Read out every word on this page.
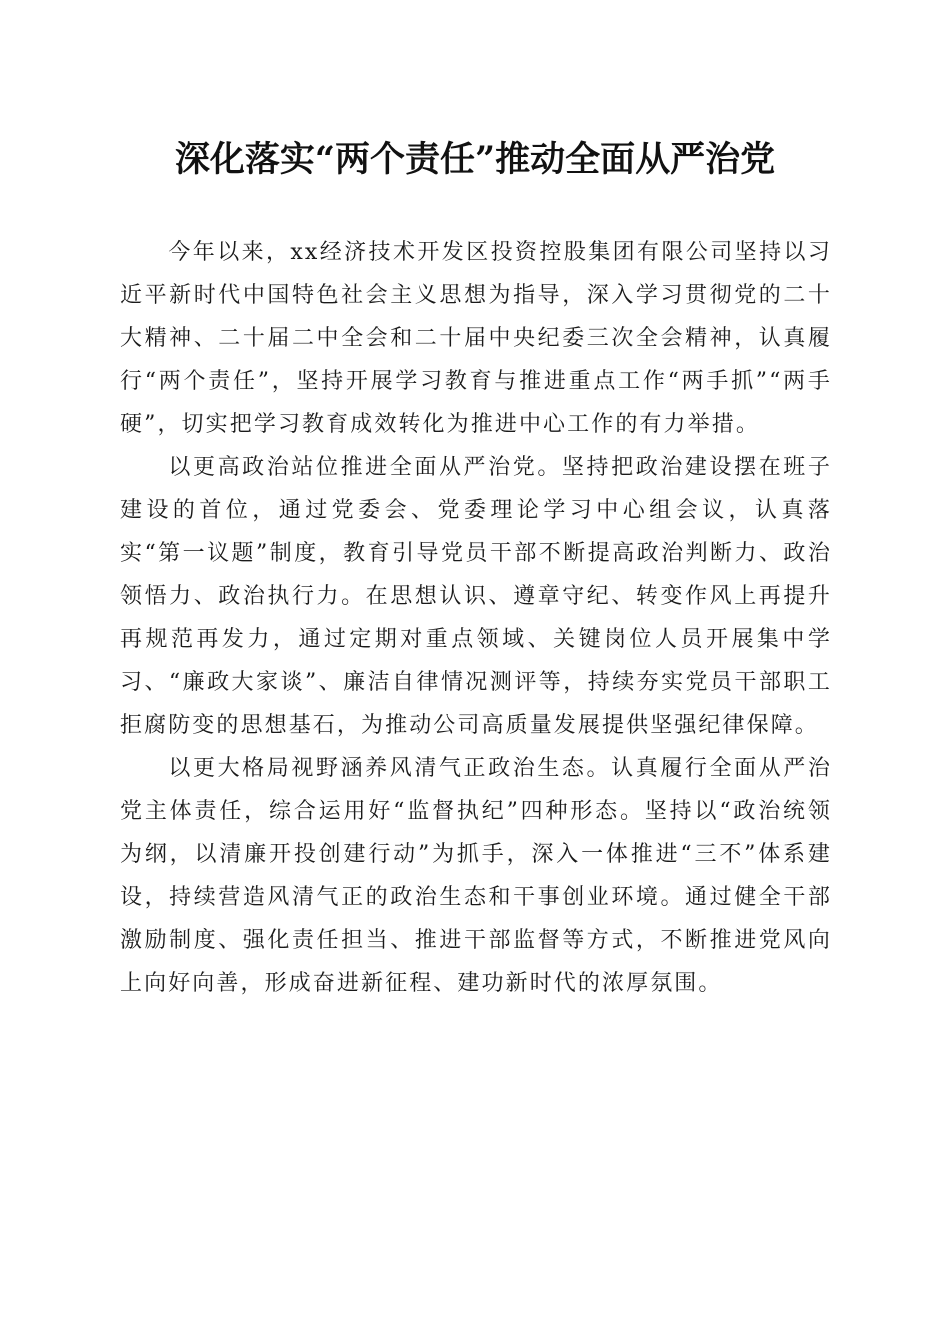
深化落实“两个责任”推动全面从严治党

今年以来，xx经济技术开发区投资控股集团有限公司坚持以习近平新时代中国特色社会主义思想为指导，深入学习贯彻党的二十大精神、二十届二中全会和二十届中央纪委三次全会精神，认真履行“两个责任”，坚持开展学习教育与推进重点工作“两手抓”“两手硬”，切实把学习教育成效转化为推进中心工作的有力举措。

以更高政治站位推进全面从严治党。坚持把政治建设摆在班子建设的首位，通过党委会、党委理论学习中心组会议，认真落实“第一议题”制度，教育引导党员干部不断提高政治判断力、政治领悟力、政治执行力。在思想认识、遵章守纪、转变作风上再提升再规范再发力，通过定期对重点领域、关键岗位人员开展集中学习、“廉政大家谈”、廉洁自律情况测评等，持续夯实党员干部职工拒腐防变的思想基石，为推动公司高质量发展提供坚强纪律保障。

以更大格局视野涵养风清气正政治生态。认真履行全面从严治党主体责任，综合运用好“监督执纪”四种形态。坚持以“政治统领为纲，以清廉开投创建行动”为抓手，深入一体推进“三不”体系建设，持续营造风清气正的政治生态和干事创业环境。通过健全干部激励制度、强化责任担当、推进干部监督等方式，不断推进党风向上向好向善，形成奋进新征程、建功新时代的浓厚氛围。
